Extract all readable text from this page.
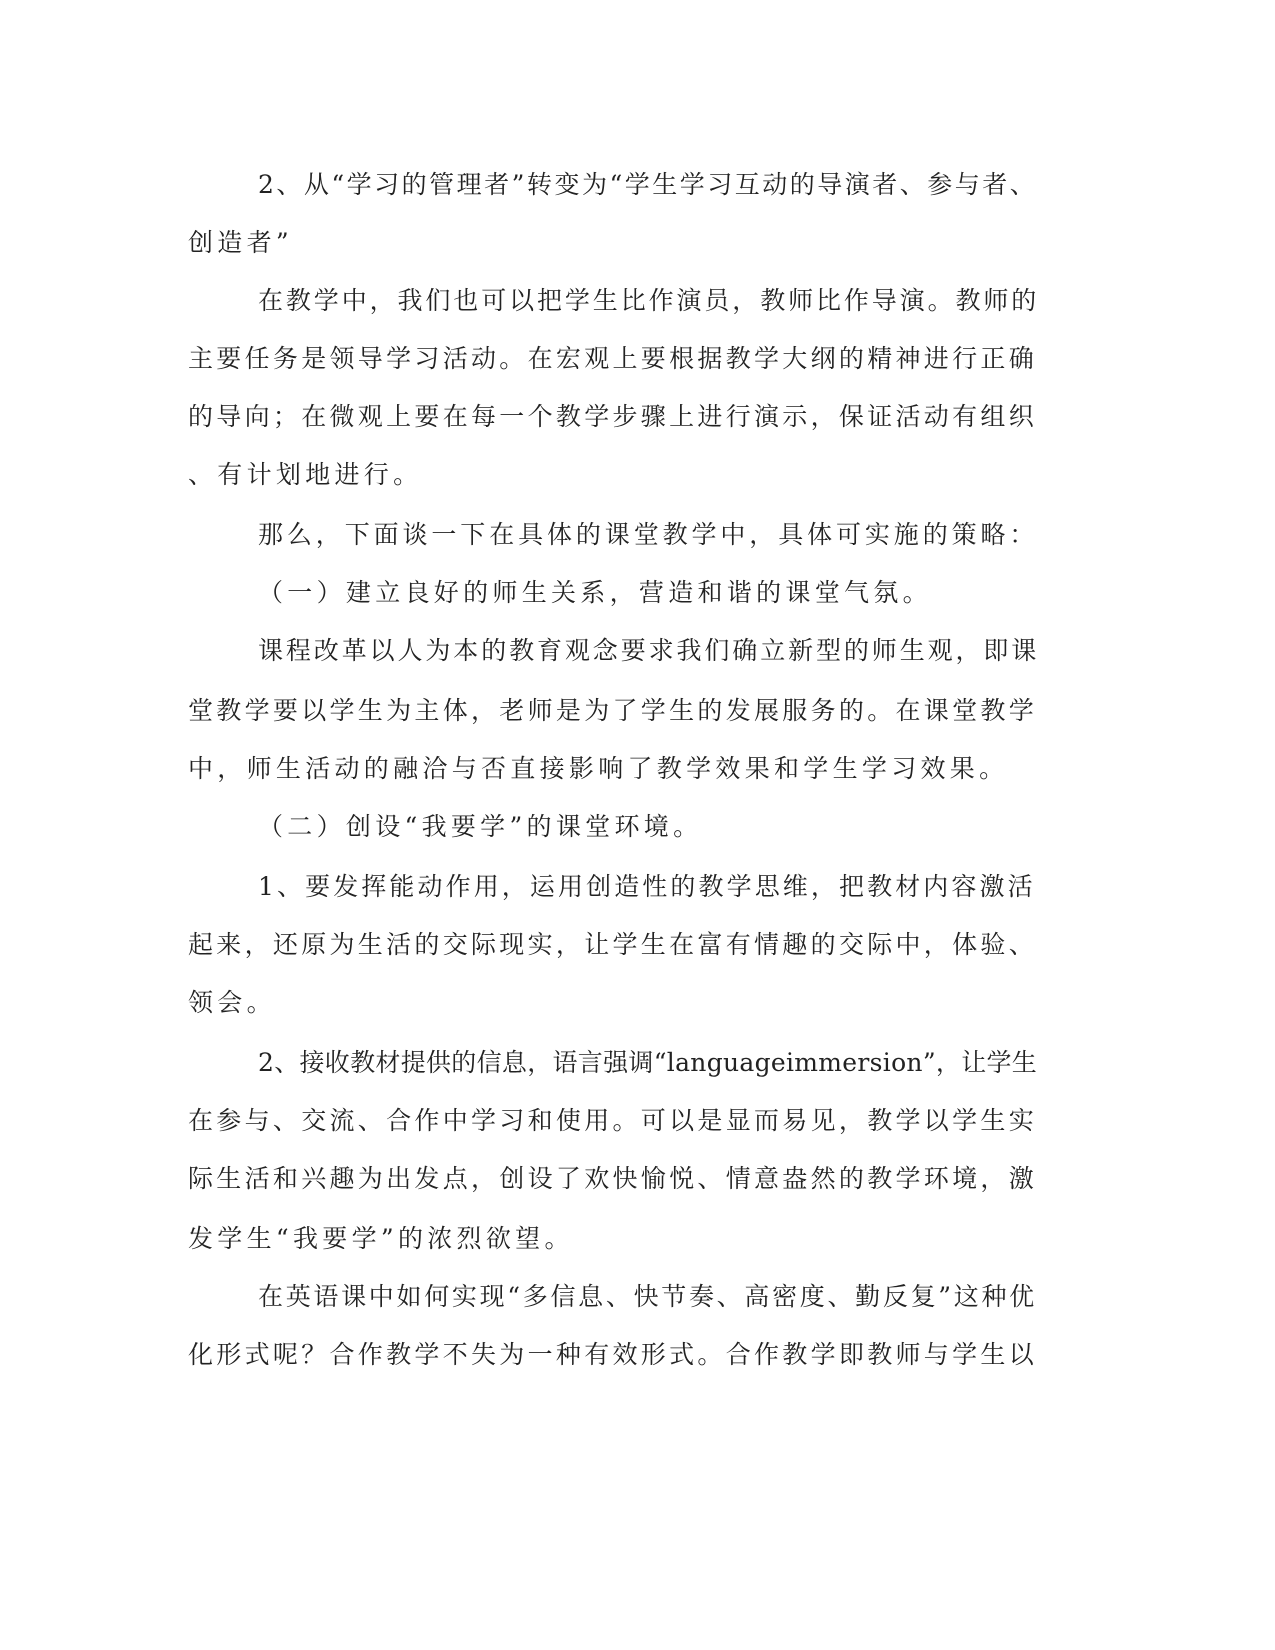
2、从“学习的管理者”转变为“学生学习互动的导演者、参与者、

创造者”

在教学中，我们也可以把学生比作演员，教师比作导演。教师的

主要任务是领导学习活动。在宏观上要根据教学大纲的精神进行正确

的导向；在微观上要在每一个教学步骤上进行演示，保证活动有组织

、有计划地进行。

那么，下面谈一下在具体的课堂教学中，具体可实施的策略：

（一）建立良好的师生关系，营造和谐的课堂气氛。

课程改革以人为本的教育观念要求我们确立新型的师生观，即课

堂教学要以学生为主体，老师是为了学生的发展服务的。在课堂教学

中，师生活动的融洽与否直接影响了教学效果和学生学习效果。

（二）创设“我要学”的课堂环境。

1、要发挥能动作用，运用创造性的教学思维，把教材内容激活

起来，还原为生活的交际现实，让学生在富有情趣的交际中，体验、

领会。

2、接收教材提供的信息，语言强调“languageimmersion”，让学生

在参与、交流、合作中学习和使用。可以是显而易见，教学以学生实

际生活和兴趣为出发点，创设了欢快愉悦、情意盎然的教学环境，激

发学生“我要学”的浓烈欲望。

在英语课中如何实现“多信息、快节奏、高密度、勤反复”这种优

化形式呢？合作教学不失为一种有效形式。合作教学即教师与学生以
